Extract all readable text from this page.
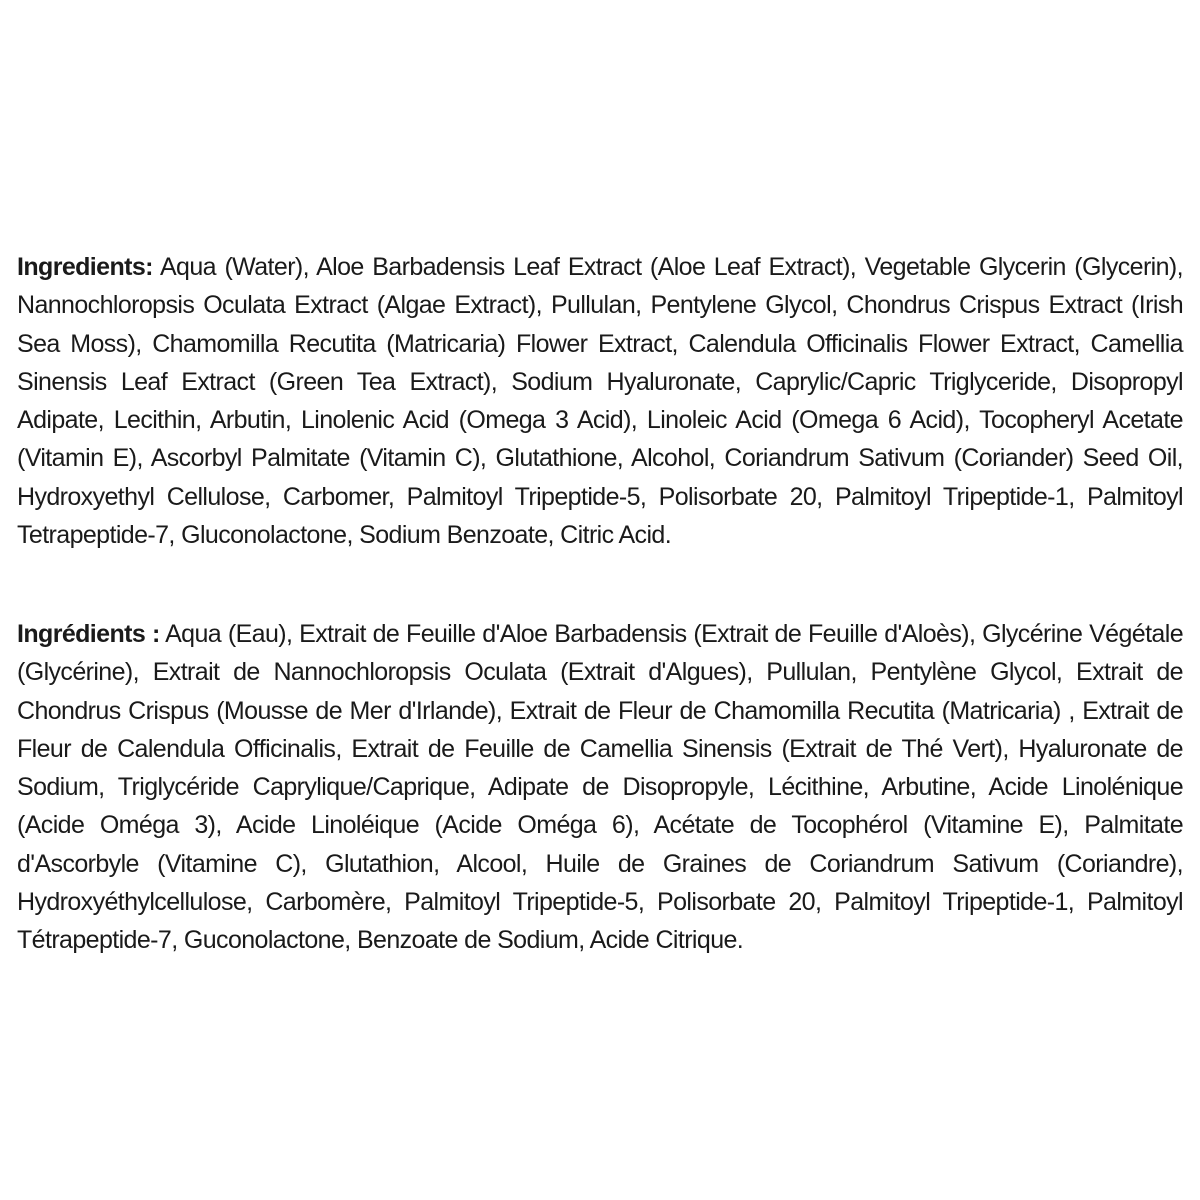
Ingredients: Aqua (Water), Aloe Barbadensis Leaf Extract (Aloe Leaf Extract), Vegetable Glycerin (Glycerin), Nannochloropsis Oculata Extract (Algae Extract), Pullulan, Pentylene Glycol, Chondrus Crispus Extract (Irish Sea Moss), Chamomilla Recutita (Matricaria) Flower Extract, Calendula Officinalis Flower Extract, Camellia Sinensis Leaf Extract (Green Tea Extract), Sodium Hyaluronate, Caprylic/Capric Triglyceride, Disopropyl Adipate, Lecithin, Arbutin, Linolenic Acid (Omega 3 Acid), Linoleic Acid (Omega 6 Acid), Tocopheryl Acetate (Vitamin E), Ascorbyl Palmitate (Vitamin C), Glutathione, Alcohol, Coriandrum Sativum (Coriander) Seed Oil, Hydroxyethyl Cellulose, Carbomer, Palmitoyl Tripeptide-5, Polisorbate 20, Palmitoyl Tripeptide-1, Palmitoyl Tetrapeptide-7, Gluconolactone, Sodium Benzoate, Citric Acid.

Ingrédients : Aqua (Eau), Extrait de Feuille d'Aloe Barbadensis (Extrait de Feuille d'Aloès), Glycérine Végétale (Glycérine), Extrait de Nannochloropsis Oculata (Extrait d'Algues), Pullulan, Pentylène Glycol, Extrait de Chondrus Crispus (Mousse de Mer d'Irlande), Extrait de Fleur de Chamomilla Recutita (Matricaria) , Extrait de Fleur de Calendula Officinalis, Extrait de Feuille de Camellia Sinensis (Extrait de Thé Vert), Hyaluronate de Sodium, Triglycéride Caprylique/Caprique, Adipate de Disopropyle, Lécithine, Arbutine, Acide Linolénique (Acide Oméga 3), Acide Linoléique (Acide Oméga 6), Acétate de Tocophérol (Vitamine E), Palmitate d'Ascorbyle (Vitamine C), Glutathion, Alcool, Huile de Graines de Coriandrum Sativum (Coriandre), Hydroxyéthylcellulose, Carbomère, Palmitoyl Tripeptide-5, Polisorbate 20, Palmitoyl Tripeptide-1, Palmitoyl Tétrapeptide-7, Guconolactone, Benzoate de Sodium, Acide Citrique.
